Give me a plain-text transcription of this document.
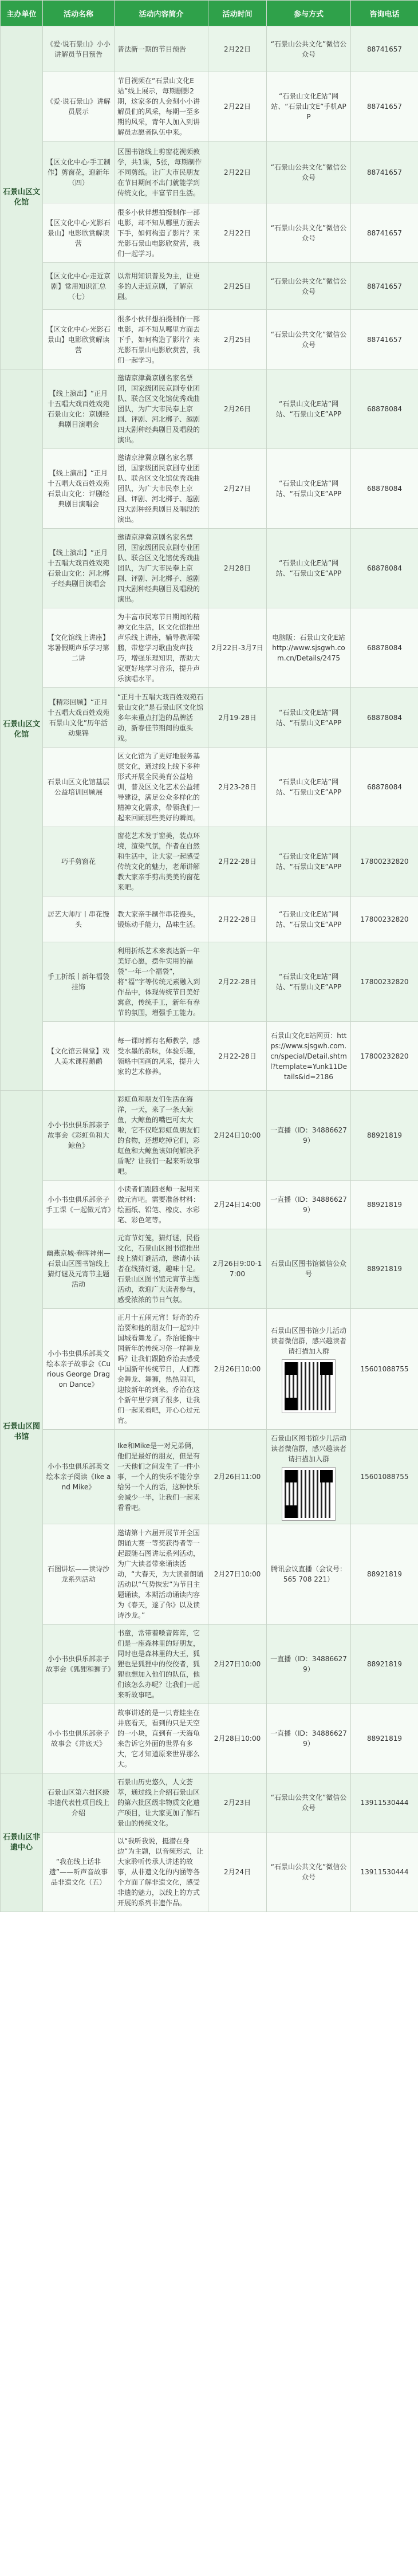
主办单位	活动名称	活动内容简介	活动时间	参与方式	咨询电话
石景山区文化馆	《爱·说石景山》小小讲解员节目预告	普法新一期的节目预告	2月22日	“石景山公共文化”微信公众号	88741657
	《爱·说石景山》讲解员展示	节目视频在“石景山文化E站”线上展示，每期删影2期，这家多的人会刻小小讲解员们的风采，每期一至多期的风采，青年人加入到讲解员志愿者队伍中来。	2月22日	“石景山文化E站”网站、“石景山文E”手机APP	88741657
	【区文化中心·手工制作】剪窗花，迎新年（四）	区图书馆线上剪窗花视频教学，共1课，5张，每期制作不同剪纸。让广大市民朋友在节日期间不出门就能学到传统文化，丰富节日生活。	2月22日	“石景山公共文化”微信公众号	88741657
	【区文化中心·光影石景山】电影欣赏解读营	很多小伙伴想拍摄制作一部电影，却不知从哪里方面去下手，如何构造了影片？来光影石景山电影欣赏营，我们一起学习。	2月22日	“石景山公共文化”微信公众号	88741657
	【区文化中心·走近京剧】常用知识汇总（七）	以常用知识普及为主，让更多的人走近京剧，了解京剧。	2月25日	“石景山公共文化”微信公众号	88741657
	【区文化中心·光影石景山】电影欣赏解读营	很多小伙伴想拍摄制作一部电影，却不知从哪里方面去下手，如何构造了影片？来光影石景山电影欣赏营，我们一起学习。	2月25日	“石景山公共文化”微信公众号	88741657
石景山区文化馆	【线上演出】“正月十五唱大戏百姓戏苑石景山文化：京剧经典剧目演唱会	邀请京津冀京剧名家名票团，国家级团民京剧专业团队、联合区文化馆优秀戏曲团队，为广大市民奉上京剧、评剧、河北梆子、越剧四大剧种经典剧目及唱段的演出。	2月26日	“石景山文化E站”网站、“石景山文E”APP	68878084
	【线上演出】“正月十五唱大戏百姓戏苑石景山文化：评剧经典剧目演唱会	邀请京津冀京剧名家名票团，国家级团民京剧专业团队、联合区文化馆优秀戏曲团队，为广大市民奉上京剧、评剧、河北梆子、越剧四大剧种经典剧目及唱段的演出。	2月27日	“石景山文化E站”网站、“石景山文E”APP	68878084
	【线上演出】“正月十五唱大戏百姓戏苑石景山文化：河北梆子经典剧目演唱会	邀请京津冀京剧名家名票团，国家级团民京剧专业团队、联合区文化馆优秀戏曲团队，为广大市民奉上京剧、评剧、河北梆子、越剧四大剧种经典剧目及唱段的演出。	2月28日	“石景山文化E站”网站、“石景山文E”APP	68878084
	【文化馆线上讲座】寒暑假期声乐学习第二讲	为丰富市民寒节日期间的精神文化生活，区文化馆推出声乐线上讲座，辅导教师梁鹏，带您学习歌曲发声技巧，增强乐理知识，帮助大家更好地学习音乐，提升声乐演唱水平。	2月22日-3月7日	电脑版：石景山文化E站 http://www.sjsgwh.com.cn/Details/2475	68878084
	【精彩回顾】“正月十五唱大戏百姓戏苑石景山文化”历年活动集锦	“正月十五唱大戏百姓戏苑石景山文化”是石景山区文化馆多年来重点打造的品牌活动，新春佳节期间的重头戏。	2月19-28日	“石景山文化E站”网站、“石景山文E”APP	68878084
	石景山区文化馆基层公益培训回顾展	区文化馆为了更好地服务基层文化，通过线上线下多种形式开展全民美育公益培训，普及区文化艺术公益辅导建设，满足公众多样化的精神文化需求，带领我们一起来回顾那些美好的瞬间。	2月23-28日	“石景山文化E站”网站、“石景山文E”APP	68878084
	巧手剪窗花	窗花艺术发于窗美，装点环境，渲染气氛，作者在自然和生活中，让大家一起感受传统文化的魅力，老师讲解教大家亲手剪出美美的窗花来吧。	2月22-28日	“石景山文化E站”网站、“石景山文E”APP	17800232820
	居艺大师厅丨串花馒头	教大家亲手制作串花馒头，锻炼动手能力，品味生活。	2月22-28日	“石景山文化E站”网站、“石景山文E”APP	17800232820
	手工折纸丨新年福袋挂饰	利用折纸艺术来表达新一年美好心愿，摆件实用的福袋“一年一个福袋”，将“福”字等传统元素融入到作品中，体现传统节日美好寓意，传统手工，新年有春节的氛围，增强手工能力。	2月22-28日	“石景山文化E站”网站、“石景山文E”APP	17800232820
	【文化馆云课堂】戏人美术课程鹅鹳	每一课时都有名师教学，感受水墨的韵味，体验乐趣，领略中国画的风采，提升大家的艺术修养。	2月22-28日	石景山文化E站网页：https://www.sjsgwh.com.cn/special/Detail.shtml?template=Yunk11Details&id=2186	17800232820
石景山区图书馆	小小书虫俱乐部亲子故事会《彩虹鱼和大鲸鱼》	彩虹鱼和朋友们生活在海洋，一天，来了一条大鲸鱼，大鲸鱼的嘴巴可太大啦，它不仅吃彩虹鱼朋友们的食物，还想吃掉它们，彩虹鱼和大鲸鱼该如何解决矛盾呢？让我们一起来听故事吧。	2月24日10:00	一直播（ID：348866279）	88921819
	小小书虫俱乐部亲子手工课《一起做元宵》	小读者们跟随老师一起用来做元宵吧。需要准备材料：绘画纸、铅笔、橡皮、水彩笔、彩色笔等。	2月24日14:00	一直播（ID：348866279）	88921819
	幽燕京城·春晖神州—石景山区图书馆线上猜灯谜及元宵节主题活动	元宵节灯笼，猜灯谜，民俗文化，石景山区图书馆推出线上猜灯谜活动，邀请小读者在线猜灯谜，趣味十足。石景山区图书馆元宵节主题活动，欢迎广大读者参与，感受浓浓的节日气氛。	2月26日9:00-17:00	石景山区图书馆微信公众号	88921819
	小小书虫俱乐部英文绘本亲子故事会《Curious George Dragon Dance》	正月十五闹元宵！好奇的乔治要和他的朋友们一起到中国城看舞龙了。乔治能像中国新年的传统习俗一样舞龙吗？让我们跟随乔治去感受中国新年传统节日，人们都会舞龙、舞狮，热热闹闹，迎接新年的到来。乔治在这个新年里学到了很多，让我们一起来看吧，开心心过元宵。	2月26日10:00	石景山区图书馆少儿活动读者微信群，感兴趣读者请扫描加入群	15601088755
	小小书虫俱乐部英文绘本亲子阅读《Ike and Mike》	Ike和Mike是一对兄弟俩，他们是最好的朋友，但是有一天他们之间发生了一件小事，一个人的快乐不能分享给另一个人的话，这种快乐会减少一半，让我们一起来看看吧。	2月26日11:00	石景山区图书馆少儿活动读者微信群，感兴趣读者请扫描加入群	15601088755
	石图讲坛——读诗沙龙系列活动	邀请第十六届开展节开全国朗诵大赛一等奖获得者等一起跟随石图讲坛系列活动，为广大读者带来诵读活动，“大春天，为大读者朗诵活动以“气势恢宏”为节目主题诵读，本期活动诵读内容为《春天，遂了你》以及读诗沙龙。”	2月27日10:00	腾讯会议直播（会议号：565 708 221）	88921819
	小小书虫俱乐部亲子故事会《狐狸和狮子》	书童，常带着嗓音阵阵，它们是一座森林里的好朋友，同时也是森林里的大王，狐狸也是狐狸中的佼佼者，狐狸也想加入他们的队伍，他们该怎么办呢？让我们一起来听故事吧。	2月27日10:00	一直播（ID：348866279）	88921819
	小小书虫俱乐部亲子故事会《井底天》	故事讲述的是一只青蛙坐在井底看天，看到的只是天空的一小块，直到有一天海龟来告诉它外面的世界有多大，它才知道原来世界那么大。	2月28日10:00	一直播（ID：348866279）	88921819
石景山区非遗中心	石景山区第六批区级非遗代表性项目线上介绍	石景山历史悠久，人文荟萃，通过线上介绍石景山区的第六批区级非物质文化遗产项目，让大家更加了解石景山的传统文化。	2月23日	“石景山公共文化”微信公众号	13911530444
	“我在线上话非遗”——听声音故事品非遗文化（五）	以“我听我说，挺潜在身边”为主题，以音频形式，让大家聆听传承人讲述的故事，从非遗文化的内涵等各个方面了解非遗文化，感受非遗的魅力，以线上的方式开展的系列非遗作品。	2月24日	“石景山公共文化”微信公众号	13911530444
